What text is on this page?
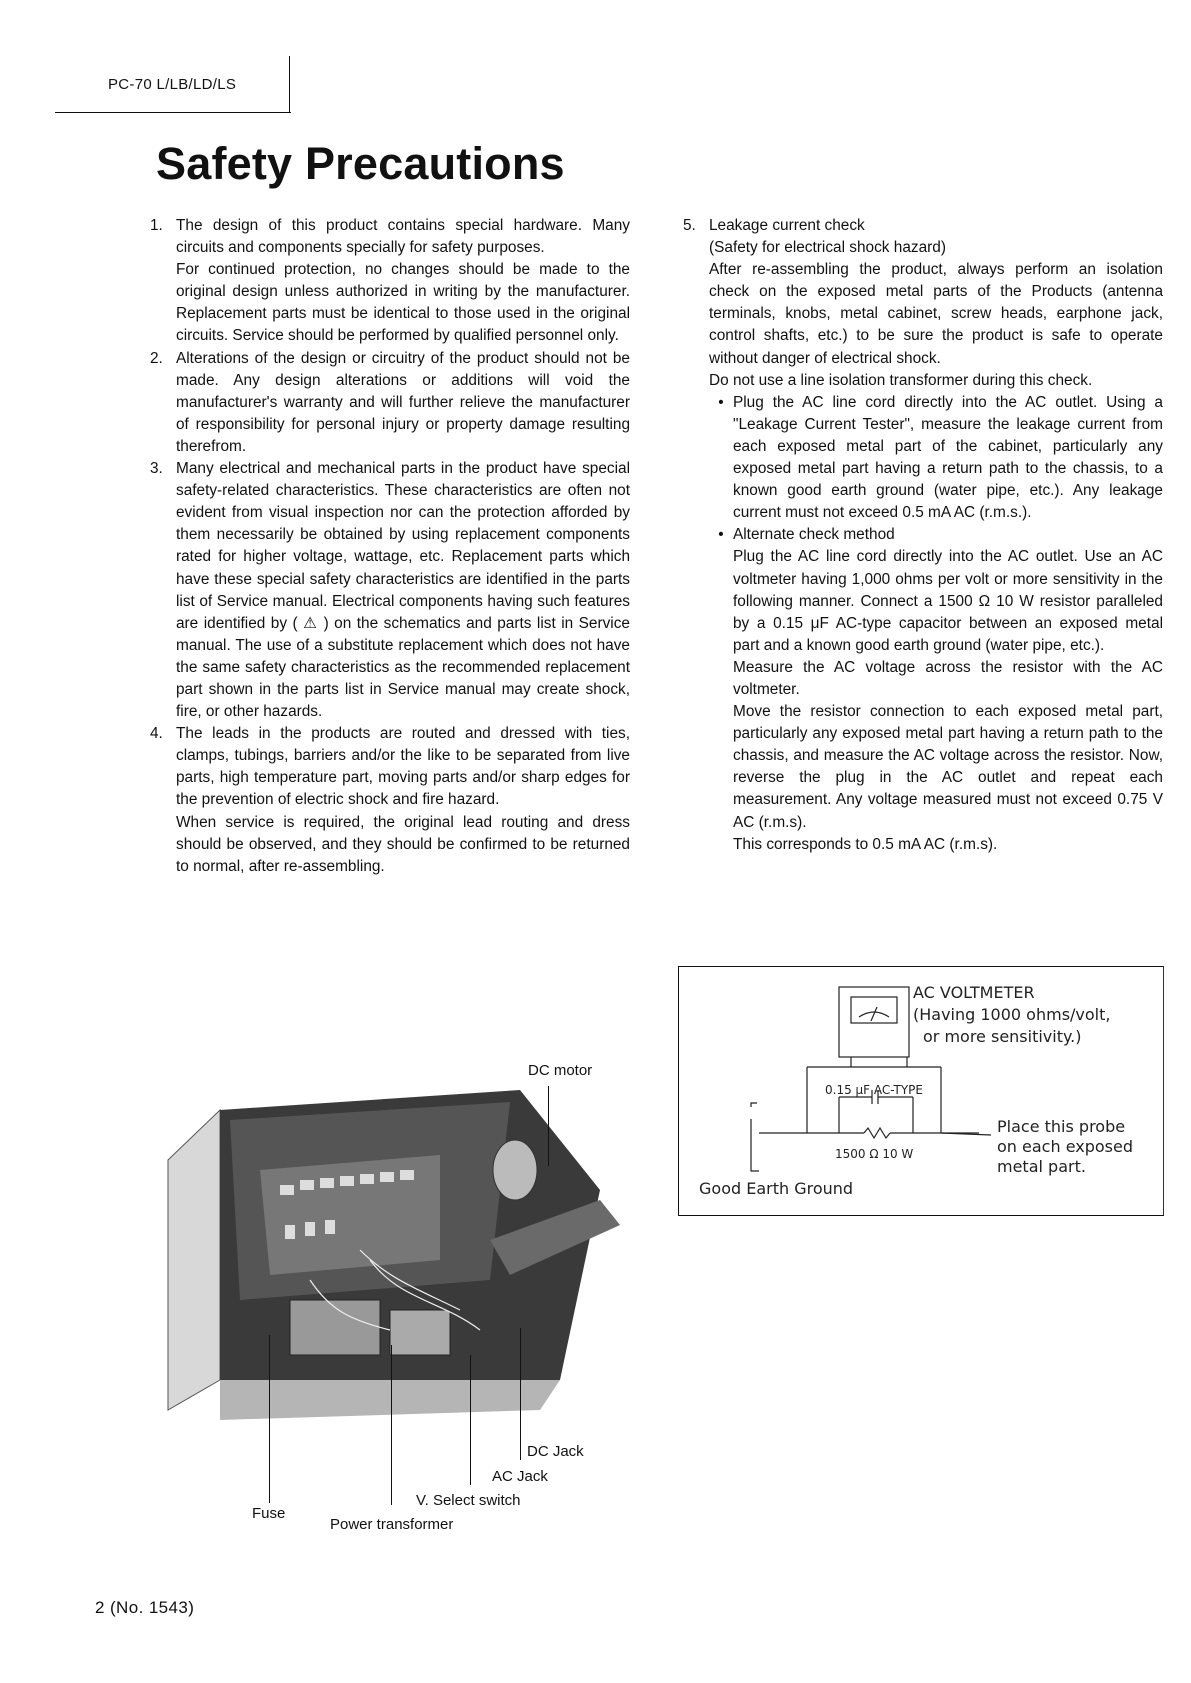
PC-70 L/LB/LD/LS
Safety Precautions
1. The design of this product contains special hardware. Many circuits and components specially for safety purposes.

For continued protection, no changes should be made to the original design unless authorized in writing by the manufacturer. Replacement parts must be identical to those used in the original circuits. Service should be performed by qualified personnel only.

2. Alterations of the design or circuitry of the product should not be made. Any design alterations or additions will void the manufacturer's warranty and will further relieve the manufacturer of responsibility for personal injury or property damage resulting therefrom.

3. Many electrical and mechanical parts in the product have special safety-related characteristics. These characteristics are often not evident from visual inspection nor can the protection afforded by them necessarily be obtained by using replacement components rated for higher voltage, wattage, etc. Replacement parts which have these special safety characteristics are identified in the parts list of Service manual. Electrical components having such features are identified by ( ⚠ ) on the schematics and parts list in Service manual. The use of a substitute replacement which does not have the same safety characteristics as the recommended replacement part shown in the parts list in Service manual may create shock, fire, or other hazards.

4. The leads in the products are routed and dressed with ties, clamps, tubings, barriers and/or the like to be separated from live parts, high temperature part, moving parts and/or sharp edges for the prevention of electric shock and fire hazard.

When service is required, the original lead routing and dress should be observed, and they should be confirmed to be returned to normal, after re-assembling.

5. Leakage current check

(Safety for electrical shock hazard)

After re-assembling the product, always perform an isolation check on the exposed metal parts of the Products (antenna terminals, knobs, metal cabinet, screw heads, earphone jack, control shafts, etc.) to be sure the product is safe to operate without danger of electrical shock.

Do not use a line isolation transformer during this check.

• Plug the AC line cord directly into the AC outlet. Using a "Leakage Current Tester", measure the leakage current from each exposed metal part of the cabinet, particularly any exposed metal part having a return path to the chassis, to a known good earth ground (water pipe, etc.). Any leakage current must not exceed 0.5 mA AC (r.m.s.).

• Alternate check method

Plug the AC line cord directly into the AC outlet. Use an AC voltmeter having 1,000 ohms per volt or more sensitivity in the following manner. Connect a 1500 Ω 10 W resistor paralleled by a 0.15 μF AC-type capacitor between an exposed metal part and a known good earth ground (water pipe, etc.).

Measure the AC voltage across the resistor with the AC voltmeter.

Move the resistor connection to each exposed metal part, particularly any exposed metal part having a return path to the chassis, and measure the AC voltage across the resistor. Now, reverse the plug in the AC outlet and repeat each measurement. Any voltage measured must not exceed 0.75 V AC (r.m.s).

This corresponds to 0.5 mA AC (r.m.s).

AC VOLTMETER
(Having 1000 ohms/volt,
or more sensitivity.)
0.15 μF AC-TYPE
1500 Ω 10 W
Place this probe
on each exposed
metal part.
Good Earth Ground
DC motor
DC Jack
AC Jack
V. Select switch
Fuse
Power transformer
2 (No. 1543)
